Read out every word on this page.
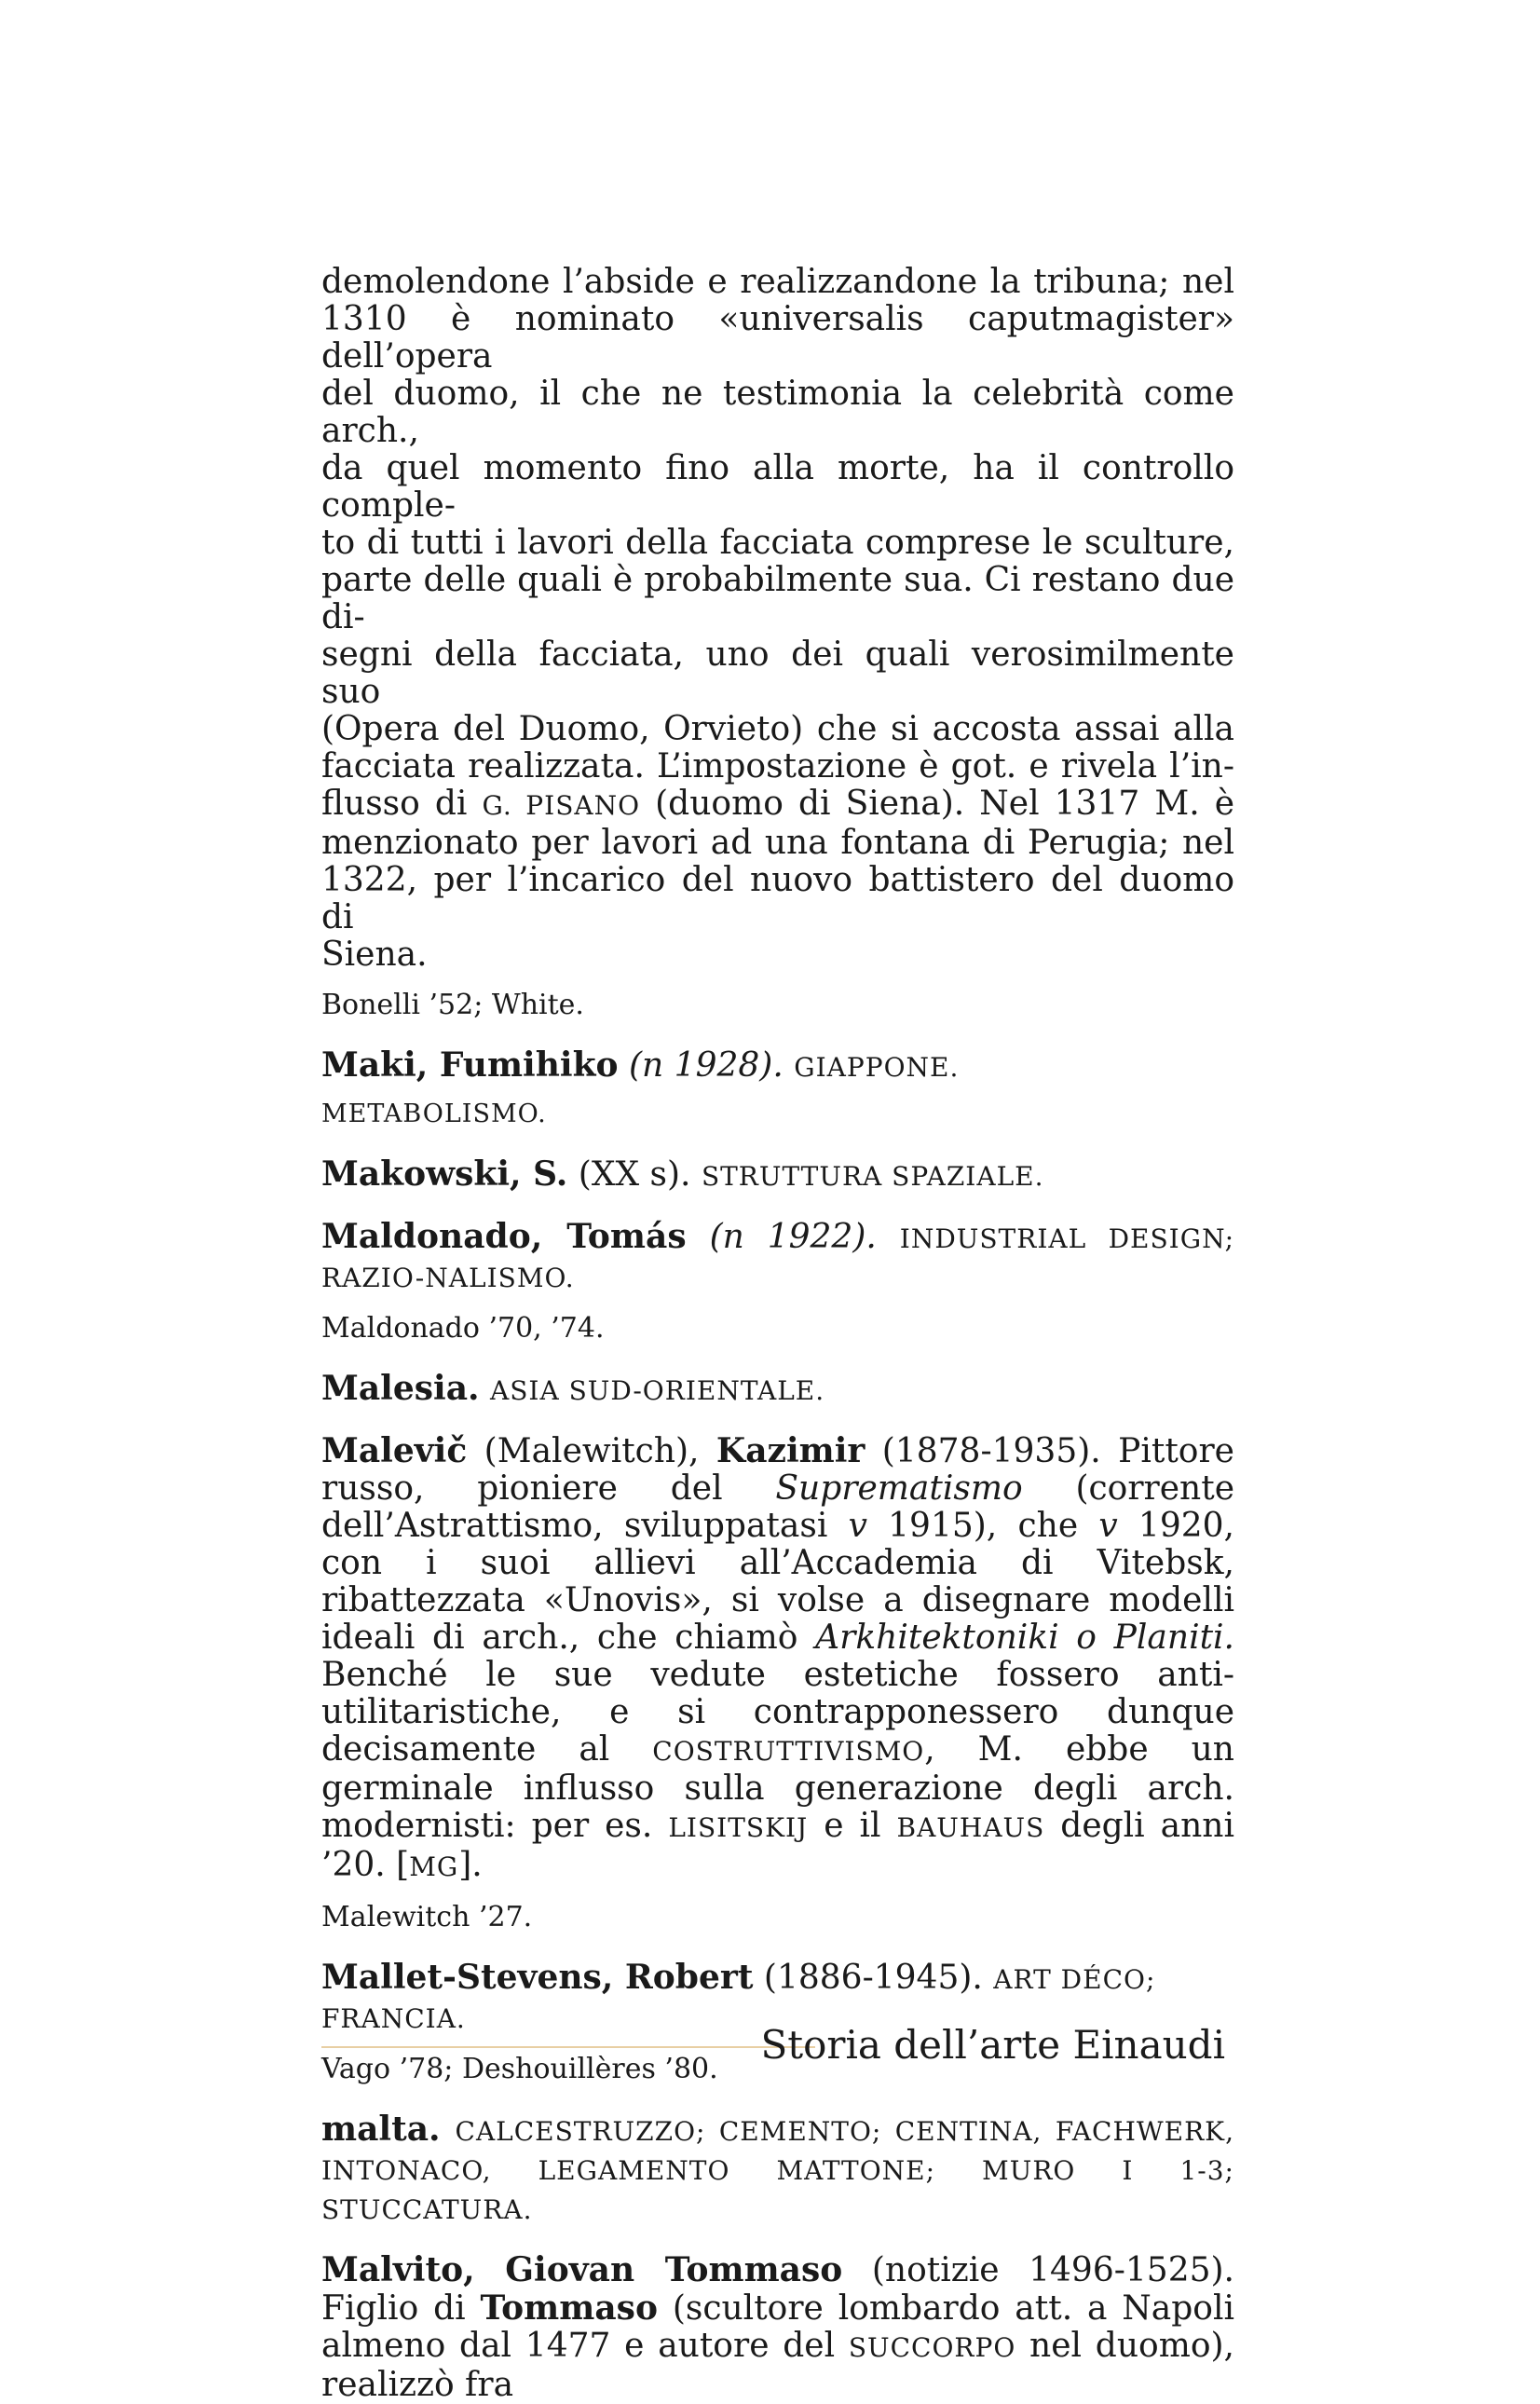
demolendone l’abside e realizzandone la tribuna; nel
1310 è nominato «universalis caputmagister» dell’opera
del duomo, il che ne testimonia la celebrità come arch.,
da quel momento fino alla morte, ha il controllo comple-
to di tutti i lavori della facciata comprese le sculture,
parte delle quali è probabilmente sua. Ci restano due di-
segni della facciata, uno dei quali verosimilmente suo
(Opera del Duomo, Orvieto) che si accosta assai alla
facciata realizzata. L’impostazione è got. e rivela l’in-
flusso di G. PISANO (duomo di Siena). Nel 1317 M. è
menzionato per lavori ad una fontana di Perugia; nel
1322, per l’incarico del nuovo battistero del duomo di
Siena.

Bonelli ’52; White.

Maki, Fumihiko (n 1928). GIAPPONE.

METABOLISMO.

Makowski, S. (XX s). STRUTTURA SPAZIALE.

Maldonado, Tomás (n 1922). INDUSTRIAL DESIGN; RAZIO-NALISMO.

Maldonado ’70, ’74.

Malesia. ASIA SUD-ORIENTALE.

Malevič (Malewitch), Kazimir (1878-1935). Pittore russo, pioniere del Suprematismo (corrente dell’Astrattismo, sviluppatasi v 1915), che v 1920, con i suoi allievi all’Accademia di Vitebsk, ribattezzata «Unovis», si volse a disegnare modelli ideali di arch., che chiamò Arkhitektoniki o Planiti. Benché le sue vedute estetiche fossero anti-utilitaristiche, e si contrapponessero dunque decisamente al COSTRUTTIVISMO, M. ebbe un germinale influsso sulla generazione degli arch. modernisti: per es. LISITSKIJ e il BAUHAUS degli anni ’20. [MG].

Malewitch ’27.

Mallet-Stevens, Robert (1886-1945). ART DÉCO; FRANCIA.

Vago ’78; Deshouillères ’80.

malta. CALCESTRUZZO; CEMENTO; CENTINA, FACHWERK, INTONACO, LEGAMENTO MATTONE; MURO I 1-3; STUCCATURA.

Malvito, Giovan Tommaso (notizie 1496-1525). Figlio di Tommaso (scultore lombardo att. a Napoli almeno dal 1477 e autore del SUCCORPO nel duomo), realizzò fra

Storia dell’arte Einaudi
